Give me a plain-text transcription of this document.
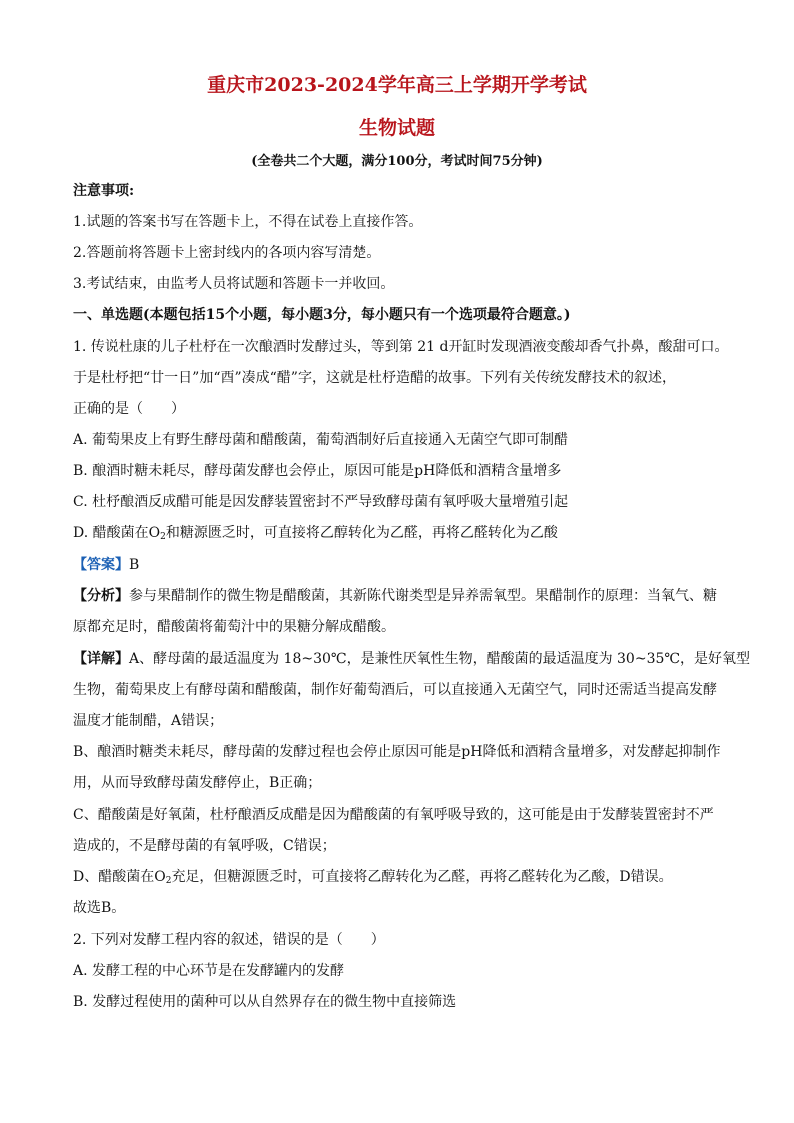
重庆市2023-2024学年高三上学期开学考试
生物试题
(全卷共二个大题，满分100分，考试时间75分钟)
注意事项:
1.试题的答案书写在答题卡上，不得在试卷上直接作答。
2.答题前将答题卡上密封线内的各项内容写清楚。
3.考试结束，由监考人员将试题和答题卡一并收回。
一、单选题(本题包括15个小题，每小题3分，每小题只有一个选项最符合题意。)
1. 传说杜康的儿子杜杼在一次酿酒时发酵过头，等到第 21 d开缸时发现酒液变酸却香气扑鼻，酸甜可口。
于是杜杼把“廿一日”加“酉”凑成“醋”字，这就是杜杼造醋的故事。下列有关传统发酵技术的叙述，
正确的是（　　）
A. 葡萄果皮上有野生酵母菌和醋酸菌，葡萄酒制好后直接通入无菌空气即可制醋
B. 酿酒时糖未耗尽，酵母菌发酵也会停止，原因可能是pH降低和酒精含量增多
C. 杜杼酿酒反成醋可能是因发酵装置密封不严导致酵母菌有氧呼吸大量增殖引起
D. 醋酸菌在$O_2$和糖源匮乏时，可直接将乙醇转化为乙醛，再将乙醛转化为乙酸
【答案】B
【分析】参与果醋制作的微生物是醋酸菌，其新陈代谢类型是异养需氧型。果醋制作的原理：当氧气、糖
原都充足时，醋酸菌将葡萄汁中的果糖分解成醋酸。
【详解】A、酵母菌的最适温度为 18~30℃，是兼性厌氧性生物，醋酸菌的最适温度为 30~35℃，是好氧型
生物，葡萄果皮上有酵母菌和醋酸菌，制作好葡萄酒后，可以直接通入无菌空气，同时还需适当提高发酵
温度才能制醋，A错误；
B、酿酒时糖类未耗尽，酵母菌的发酵过程也会停止原因可能是pH降低和酒精含量增多，对发酵起抑制作
用，从而导致酵母菌发酵停止，B正确；
C、醋酸菌是好氧菌，杜杼酿酒反成醋是因为醋酸菌的有氧呼吸导致的，这可能是由于发酵装置密封不严
造成的，不是酵母菌的有氧呼吸，C错误；
D、醋酸菌在$O_2$充足，但糖源匮乏时，可直接将乙醇转化为乙醛，再将乙醛转化为乙酸，D错误。
故选B。
2. 下列对发酵工程内容的叙述，错误的是（　　）
A. 发酵工程的中心环节是在发酵罐内的发酵
B. 发酵过程使用的菌种可以从自然界存在的微生物中直接筛选
